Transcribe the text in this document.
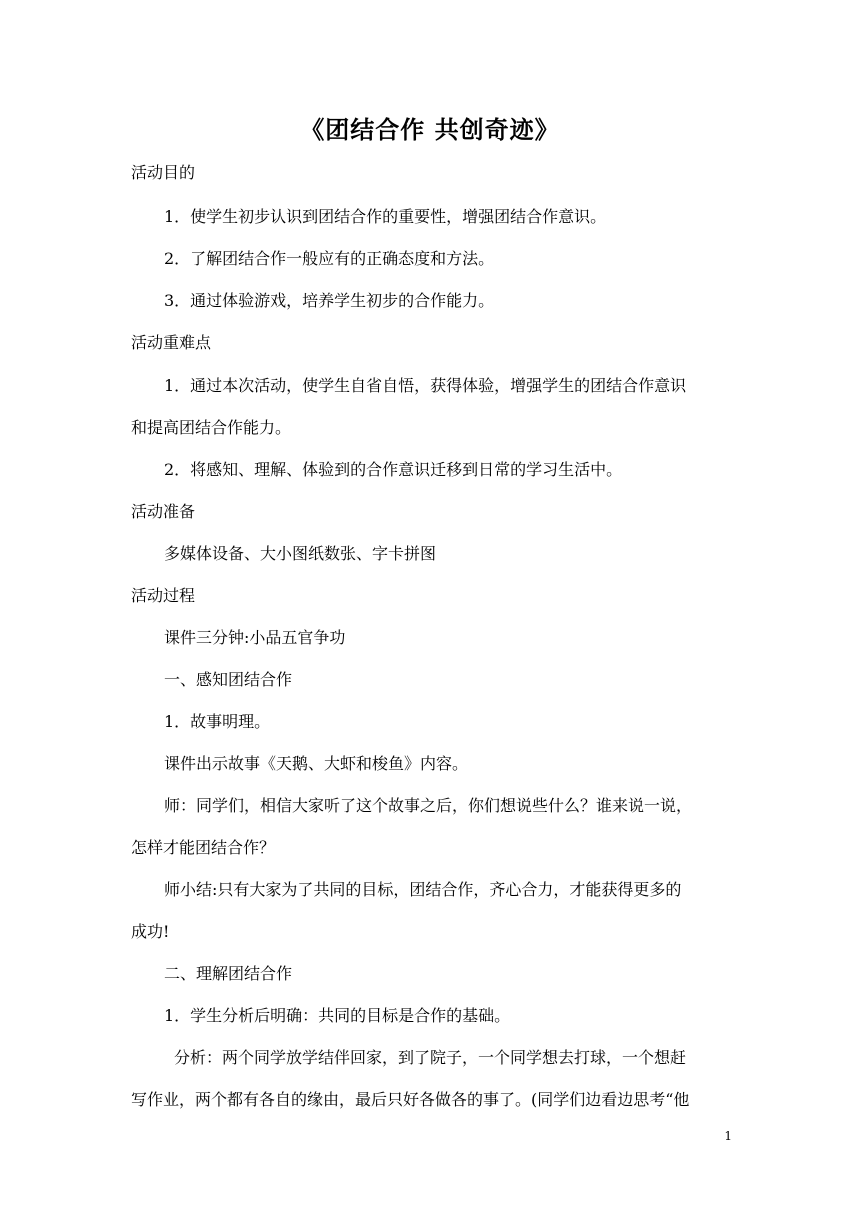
《团结合作 共创奇迹》
活动目的
1．使学生初步认识到团结合作的重要性，增强团结合作意识。
2．了解团结合作一般应有的正确态度和方法。
3．通过体验游戏，培养学生初步的合作能力。
活动重难点
1．通过本次活动，使学生自省自悟，获得体验，增强学生的团结合作意识
和提高团结合作能力。
2．将感知、理解、体验到的合作意识迁移到日常的学习生活中。
活动准备
多媒体设备、大小图纸数张、字卡拼图
活动过程
课件三分钟:小品五官争功
一、感知团结合作
1．故事明理。
课件出示故事《天鹅、大虾和梭鱼》内容。
师：同学们，相信大家听了这个故事之后，你们想说些什么？谁来说一说，
怎样才能团结合作？
师小结:只有大家为了共同的目标，团结合作，齐心合力，才能获得更多的
成功!
二、理解团结合作
1．学生分析后明确：共同的目标是合作的基础。
分析：两个同学放学结伴回家，到了院子，一个同学想去打球，一个想赶
写作业，两个都有各自的缘由，最后只好各做各的事了。(同学们边看边思考“他
1
